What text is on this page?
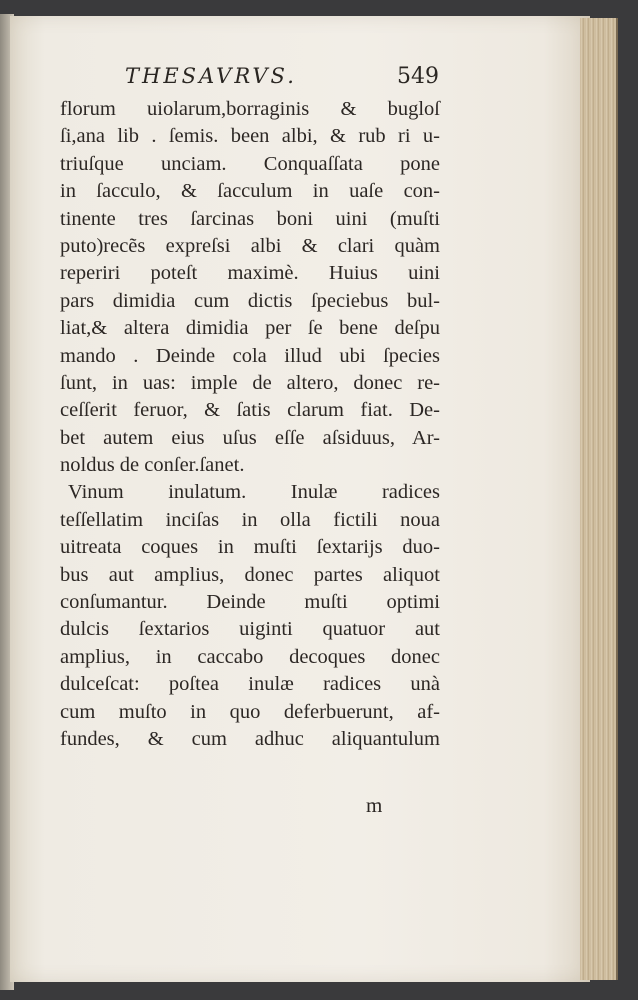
THESAVRVS.	549
florum uiolarum,borraginis & bugloſ
ſi,ana lib . ſemis. been albi, & rub ri u-
triuſque unciam. Conquaſſata pone
in ſacculo, & ſacculum in uaſe con-
tinente tres ſarcinas boni uini (muſti
puto)recẽs expreſsi albi & clari quàm
reperiri poteſt maximè. Huius uini
pars dimidia cum dictis ſpeciebus bul-
liat,& altera dimidia per ſe bene deſpu
mando . Deinde cola illud ubi ſpecies
ſunt, in uas: imple de altero, donec re-
ceſſerit feruor, & ſatis clarum fiat. De-
bet autem eius uſus eſſe aſsiduus, Ar-
noldus de conſer.ſanet.
Vinum inulatum. Inulæ radices
teſſellatim inciſas in olla fictili noua
uitreata coques in muſti ſextarijs duo-
bus aut amplius, donec partes aliquot
conſumantur. Deinde muſti optimi
dulcis ſextarios uiginti quatuor aut
amplius, in caccabo decoques donec
dulceſcat: poſtea inulæ radices unà
cum muſto in quo deferbuerunt, af-
fundes, & cum adhuc aliquantulum
m
